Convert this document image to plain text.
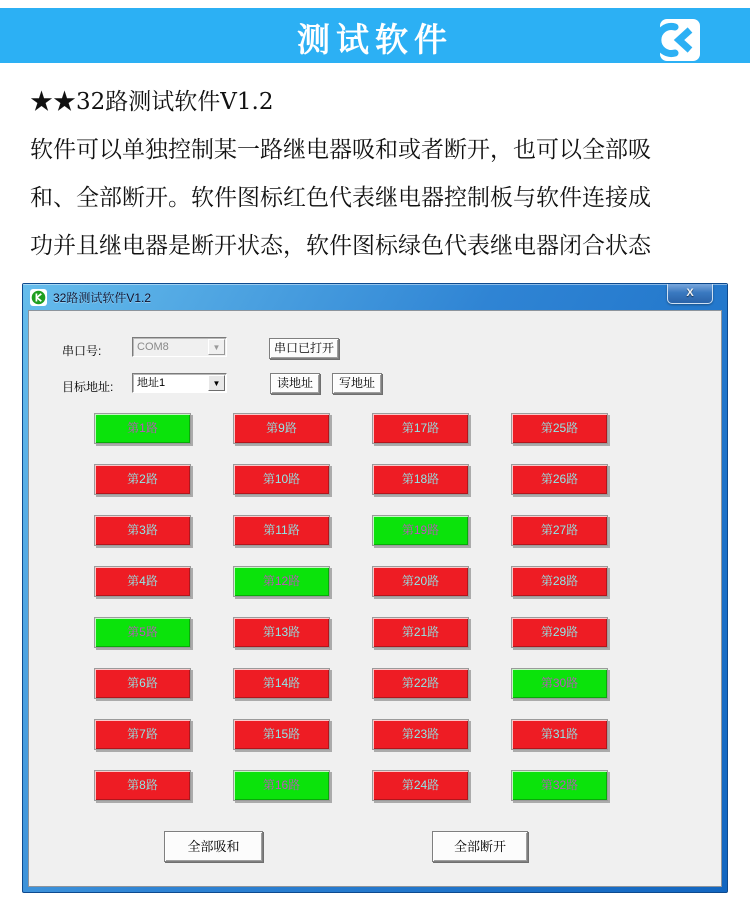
测试软件
★★32路测试软件V1.2
软件可以单独控制某一路继电器吸和或者断开，也可以全部吸
和、全部断开。软件图标红色代表继电器控制板与软件连接成
功并且继电器是断开状态，软件图标绿色代表继电器闭合状态
32路测试软件V1.2	X
串口号:	COM8	▼	串口已打开
目标地址:	地址1	▼	读地址	写地址
第1路	第9路	第17路	第25路
第2路	第10路	第18路	第26路
第3路	第11路	第19路	第27路
第4路	第12路	第20路	第28路
第5路	第13路	第21路	第29路
第6路	第14路	第22路	第30路
第7路	第15路	第23路	第31路
第8路	第16路	第24路	第32路
全部吸和	全部断开
